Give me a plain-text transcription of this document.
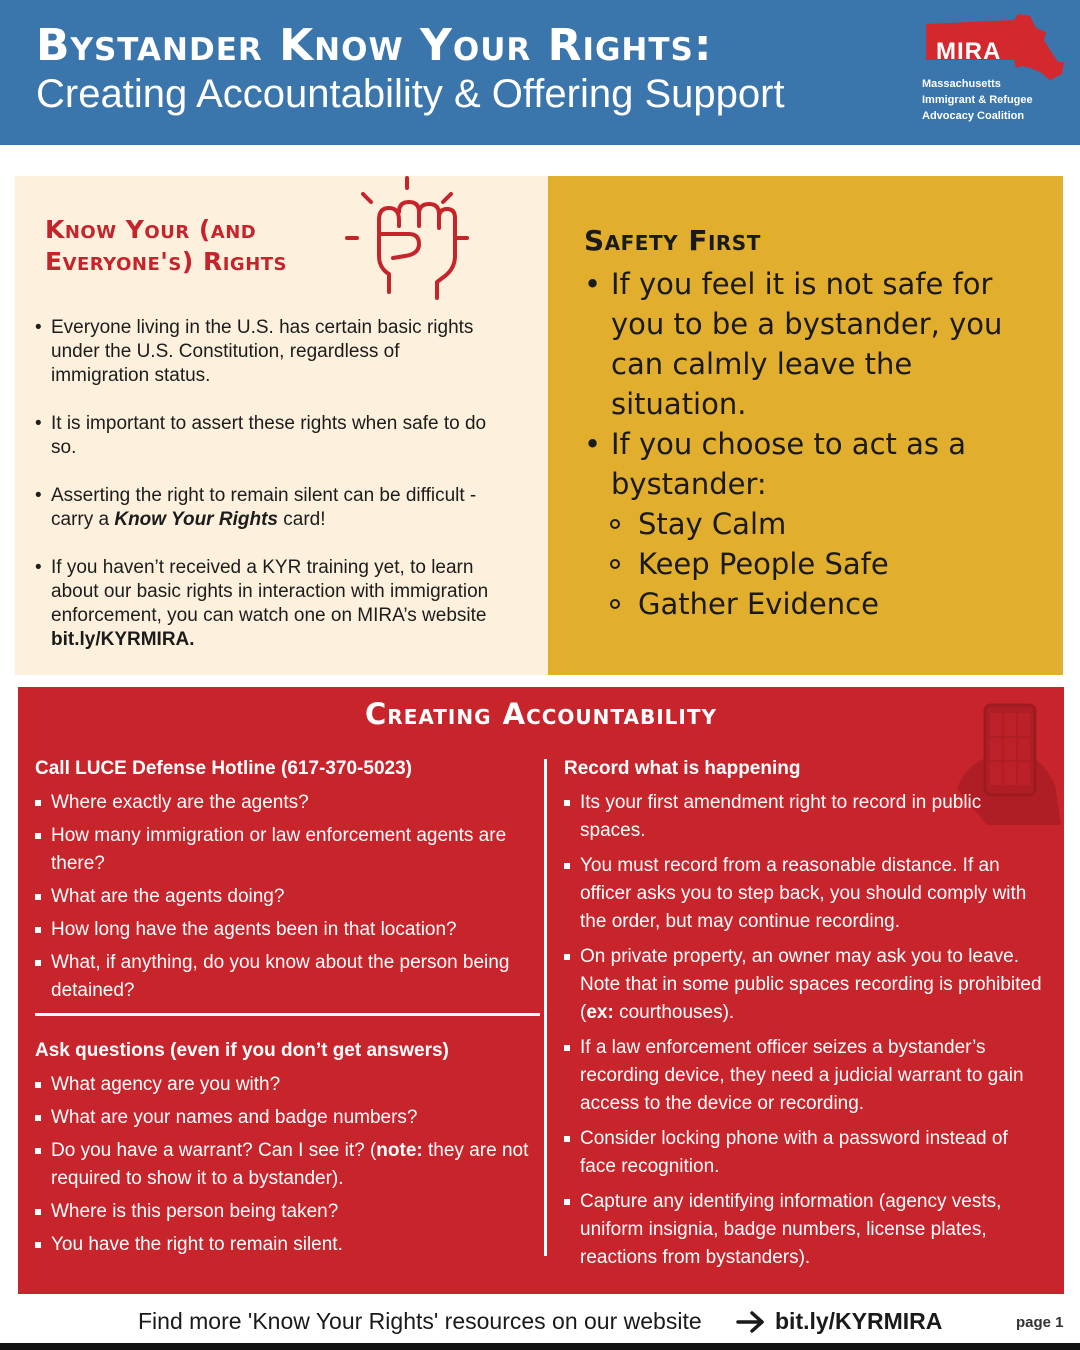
Bystander Know Your Rights:
Creating Accountability & Offering Support
MIRA
Massachusetts
Immigrant & Refugee
Advocacy Coalition
Know Your (and
Everyone's) Rights
• Everyone living in the U.S. has certain basic rights under the U.S. Constitution, regardless of immigration status.
• It is important to assert these rights when safe to do so.
• Asserting the right to remain silent can be difficult - carry a Know Your Rights card!
• If you haven’t received a KYR training yet, to learn about our basic rights in interaction with immigration enforcement, you can watch one on MIRA’s website bit.ly/KYRMIRA.
Safety First
• If you feel it is not safe for you to be a bystander, you can calmly leave the situation.
• If you choose to act as a bystander:
Stay Calm
Keep People Safe
Gather Evidence
Creating Accountability
Call LUCE Defense Hotline (617-370-5023)
Where exactly are the agents?
How many immigration or law enforcement agents are there?
What are the agents doing?
How long have the agents been in that location?
What, if anything, do you know about the person being detained?
Ask questions (even if you don’t get answers)
What agency are you with?
What are your names and badge numbers?
Do you have a warrant? Can I see it? (note: they are not required to show it to a bystander).
Where is this person being taken?
You have the right to remain silent.
Record what is happening
Its your first amendment right to record in public spaces.
You must record from a reasonable distance. If an officer asks you to step back, you should comply with the order, but may continue recording.
On private property, an owner may ask you to leave. Note that in some public spaces recording is prohibited (ex: courthouses).
If a law enforcement officer seizes a bystander’s recording device, they need a judicial warrant to gain access to the device or recording.
Consider locking phone with a password instead of face recognition.
Capture any identifying information (agency vests, uniform insignia, badge numbers, license plates, reactions from bystanders).
Find more 'Know Your Rights' resources on our website	bit.ly/KYRMIRA	page 1
